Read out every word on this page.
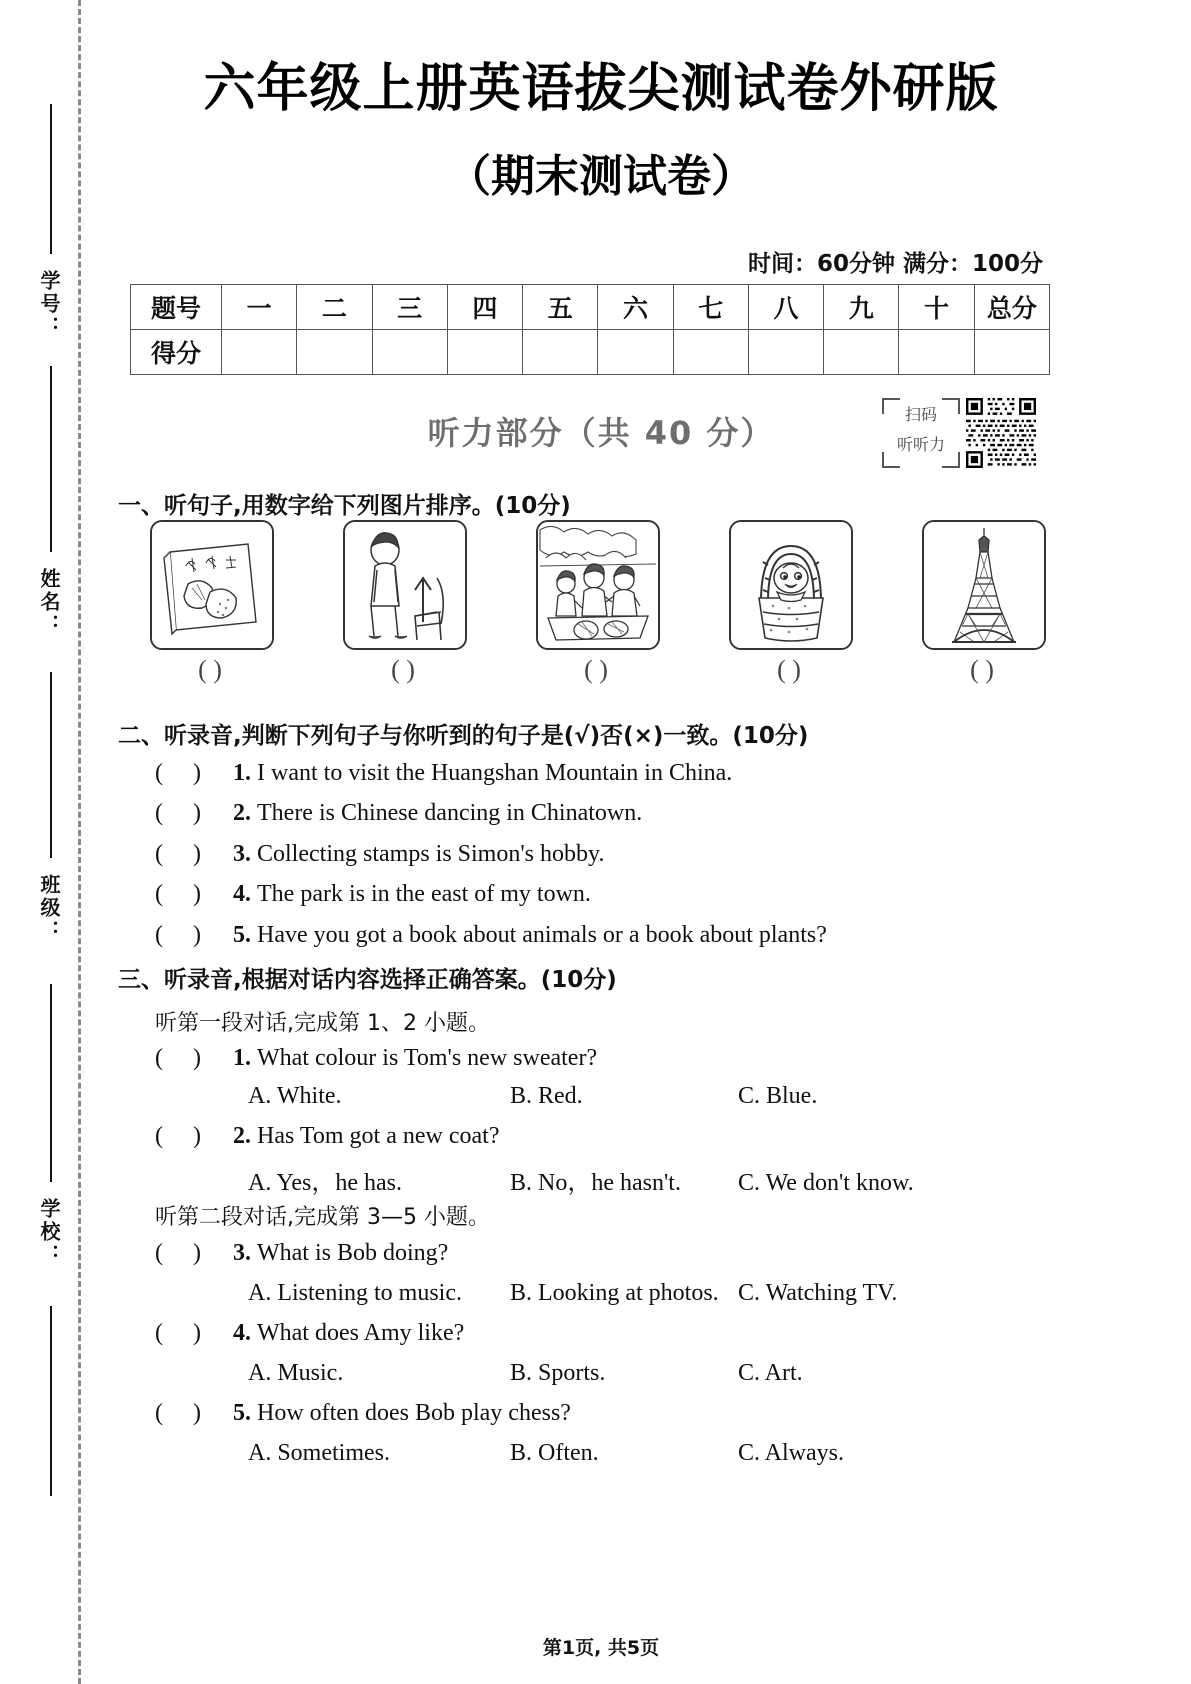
学号：
姓名：
班级：
学校：
六年级上册英语拔尖测试卷外研版
（期末测试卷）
时间：60分钟 满分：100分
题号	一	二	三	四	五	六	七	八	九	十	总分
得分											
听力部分（共 40 分）	扫码
听听力
一、听句子,用数字给下列图片排序。(10分)
( )	( )	( )	( )	( )
二、听录音,判断下列句子与你听到的句子是(√)否(×)一致。(10分)
(     ) 1. I want to visit the Huangshan Mountain in China.
(     ) 2. There is Chinese dancing in Chinatown.
(     ) 3. Collecting stamps is Simon's hobby.
(     ) 4. The park is in the east of my town.
(     ) 5. Have you got a book about animals or a book about plants?
三、听录音,根据对话内容选择正确答案。(10分)
听第一段对话,完成第 1、2 小题。
(     ) 1. What colour is Tom's new sweater?
A. White.	B. Red.	C. Blue.
(     ) 2. Has Tom got a new coat?
A. Yes，he has.	B. No，he hasn't. C. We don't know.
听第二段对话,完成第 3—5 小题。
(     ) 3. What is Bob doing?
A. Listening to music. B. Looking at photos. C. Watching TV.
(     ) 4. What does Amy like?
A. Music.	B. Sports.	C. Art.
(     ) 5. How often does Bob play chess?
A. Sometimes.	B. Often.	C. Always.
第1页, 共5页
